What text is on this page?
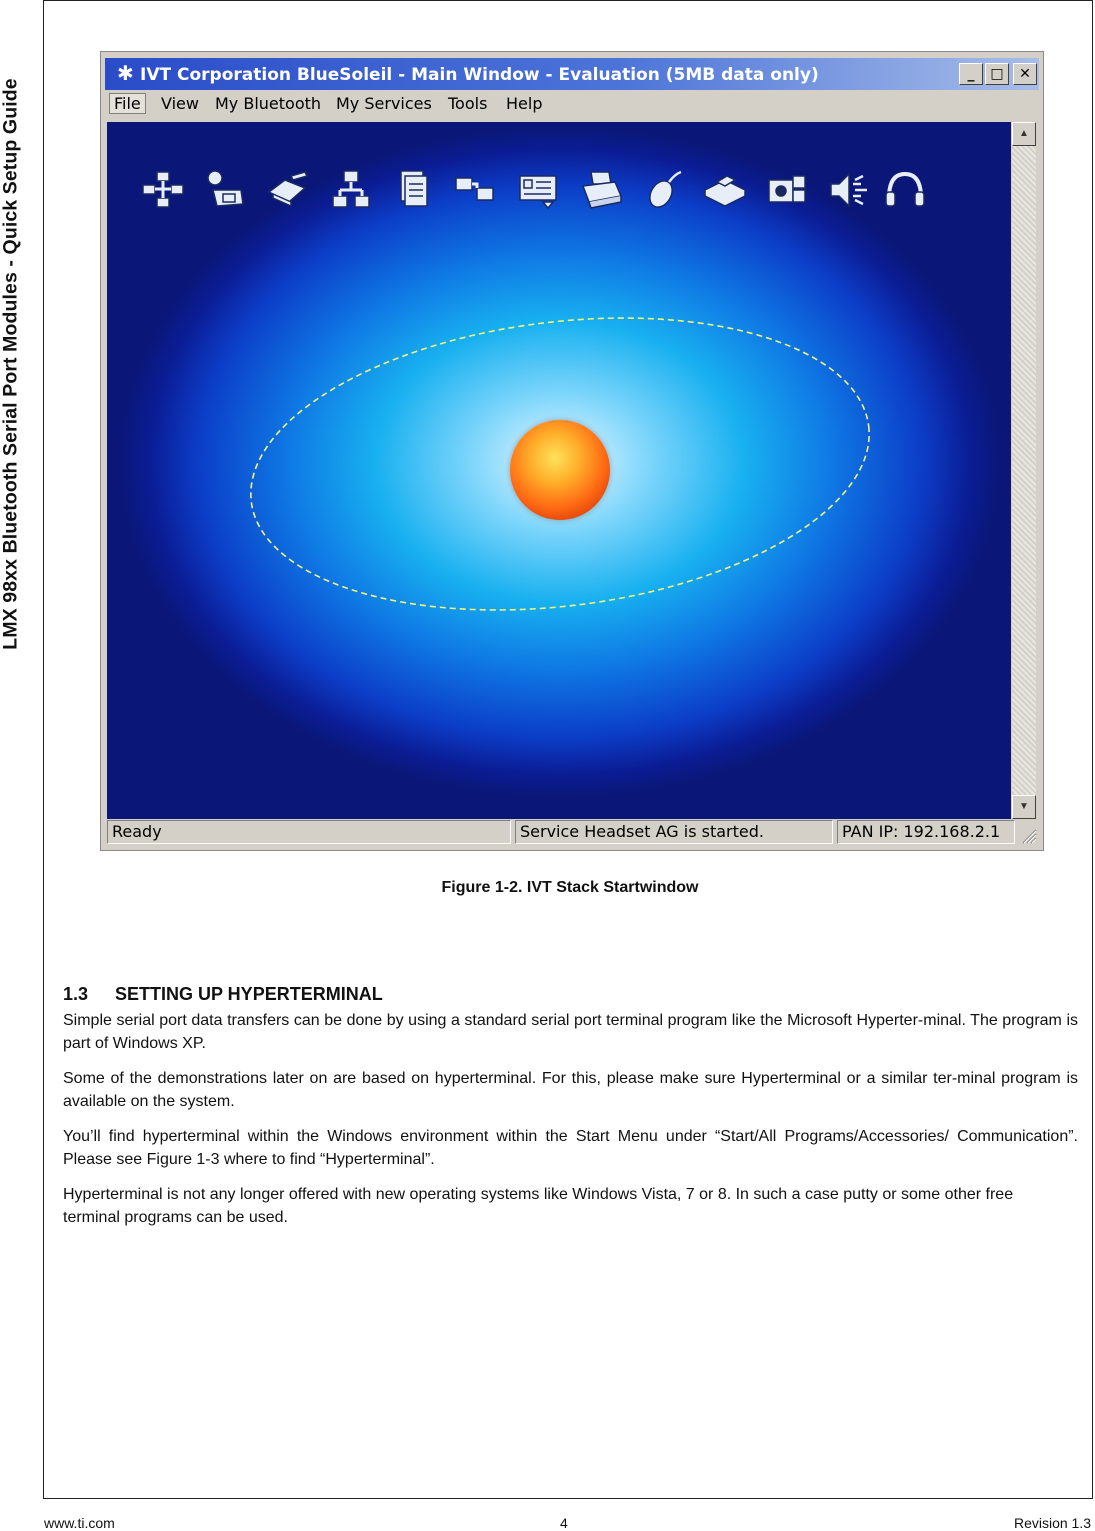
LMX 98xx Bluetooth Serial Port Modules - Quick Setup Guide
✱ IVT Corporation BlueSoleil - Main Window - Evaluation (5MB data only)	_	□	✕
File	View My Bluetooth My Services Tools Help
▲
▼
Ready	Service Headset AG is started.	PAN IP: 192.168.2.1
Figure 1-2. IVT Stack Startwindow
1.3 SETTING UP HYPERTERMINAL
Simple serial port data transfers can be done by using a standard serial port terminal program like the Microsoft Hyperter-minal. The program is part of Windows XP.
Some of the demonstrations later on are based on hyperterminal. For this, please make sure Hyperterminal or a similar ter-minal program is available on the system.
You’ll find hyperterminal within the Windows environment within the Start Menu under “Start/All Programs/Accessories/ Communication”. Please see Figure 1-3 where to find “Hyperterminal”.
Hyperterminal is not any longer offered with new operating systems like Windows Vista, 7 or 8. In such a case putty or some other free terminal programs can be used.
www.ti.com	4	Revision 1.3
